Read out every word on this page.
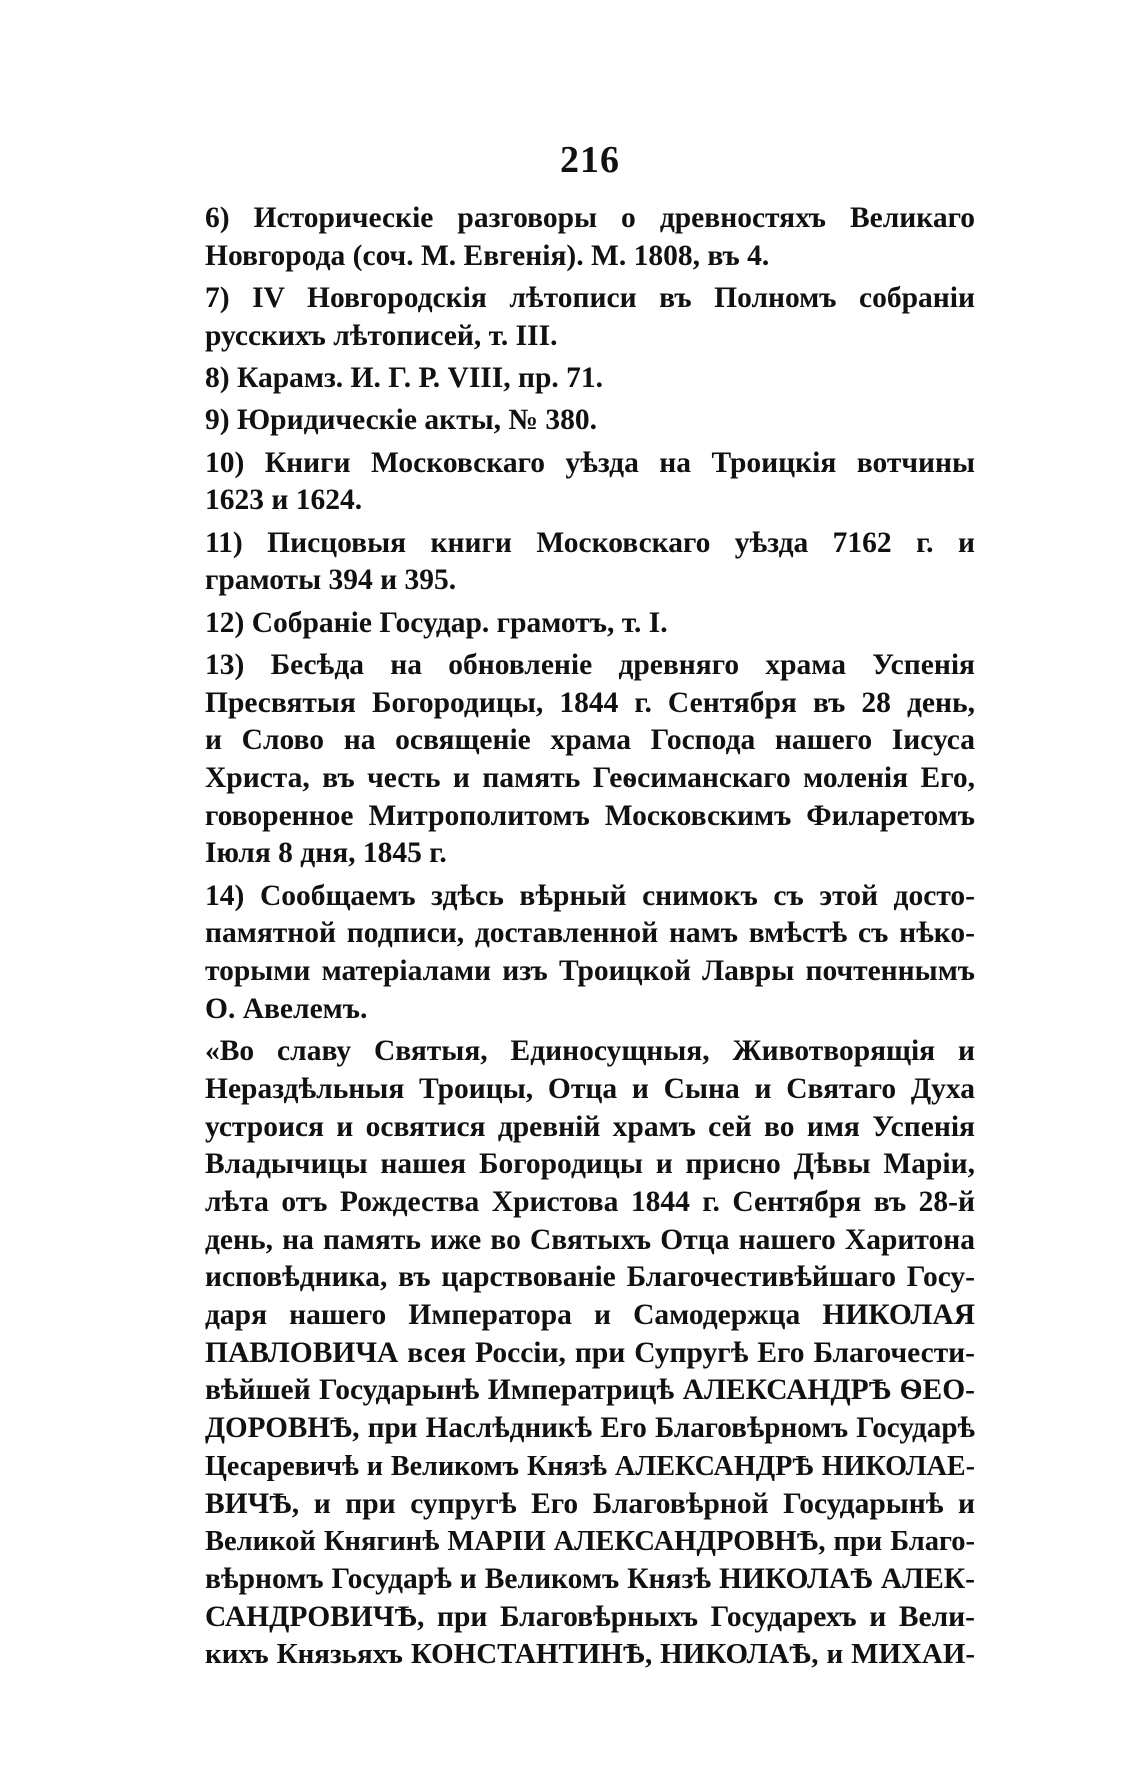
216
6) Историческіе разговоры о древностяхъ Великаго
Новгорода (соч. М. Евгенія). М. 1808, въ 4.
7) IV Новгородскія лѣтописи въ Полномъ собраніи
русскихъ лѣтописей, т. III.
8) Карамз. И. Г. Р. VIII, пр. 71.
9) Юридическіе акты, № 380.
10) Книги Московскаго уѣзда на Троицкія вотчины
1623 и 1624.
11) Писцовыя книги Московскаго уѣзда 7162 г. и
грамоты 394 и 395.
12) Собраніе Государ. грамотъ, т. I.
13) Бесѣда на обновленіе древняго храма Успенія
Пресвятыя Богородицы, 1844 г. Сентября въ 28 день,
и Слово на освященіе храма Господа нашего Іисуса
Христа, въ честь и память Геѳсиманскаго моленія Его,
говоренное Митрополитомъ Московскимъ Филаретомъ
Іюля 8 дня, 1845 г.
14) Сообщаемъ здѣсь вѣрный снимокъ съ этой досто-
памятной подписи, доставленной намъ вмѣстѣ съ нѣко-
торыми матеріалами изъ Троицкой Лавры почтеннымъ
О. Авелемъ.
«Во славу Святыя, Единосущныя, Животворящія и
Нераздѣльныя Троицы, Отца и Сына и Святаго Духа
устроися и освятися древній храмъ сей во имя Успенія
Владычицы нашея Богородицы и присно Дѣвы Маріи,
лѣта отъ Рождества Христова 1844 г. Сентября въ 28-й
день, на память иже во Святыхъ Отца нашего Харитона
исповѣдника, въ царствованіе Благочестивѣйшаго Госу-
даря нашего Императора и Самодержца НИКОЛАЯ
ПАВЛОВИЧА всея Россіи, при Супругѣ Его Благочести-
вѣйшей Государынѣ Императрицѣ АЛЕКСАНДРѢ ѲЕО-
ДОРОВНѢ, при Наслѣдникѣ Его Благовѣрномъ Государѣ
Цесаревичѣ и Великомъ Князѣ АЛЕКСАНДРѢ НИКОЛАЕ-
ВИЧѢ, и при супругѣ Его Благовѣрной Государынѣ и
Великой Княгинѣ МАРІИ АЛЕКСАНДРОВНѢ, при Благо-
вѣрномъ Государѣ и Великомъ Князѣ НИКОЛАѢ АЛЕК-
САНДРОВИЧѢ, при Благовѣрныхъ Государехъ и Вели-
кихъ Князьяхъ КОНСТАНТИНѢ, НИКОЛАѢ, и МИХАИ-
